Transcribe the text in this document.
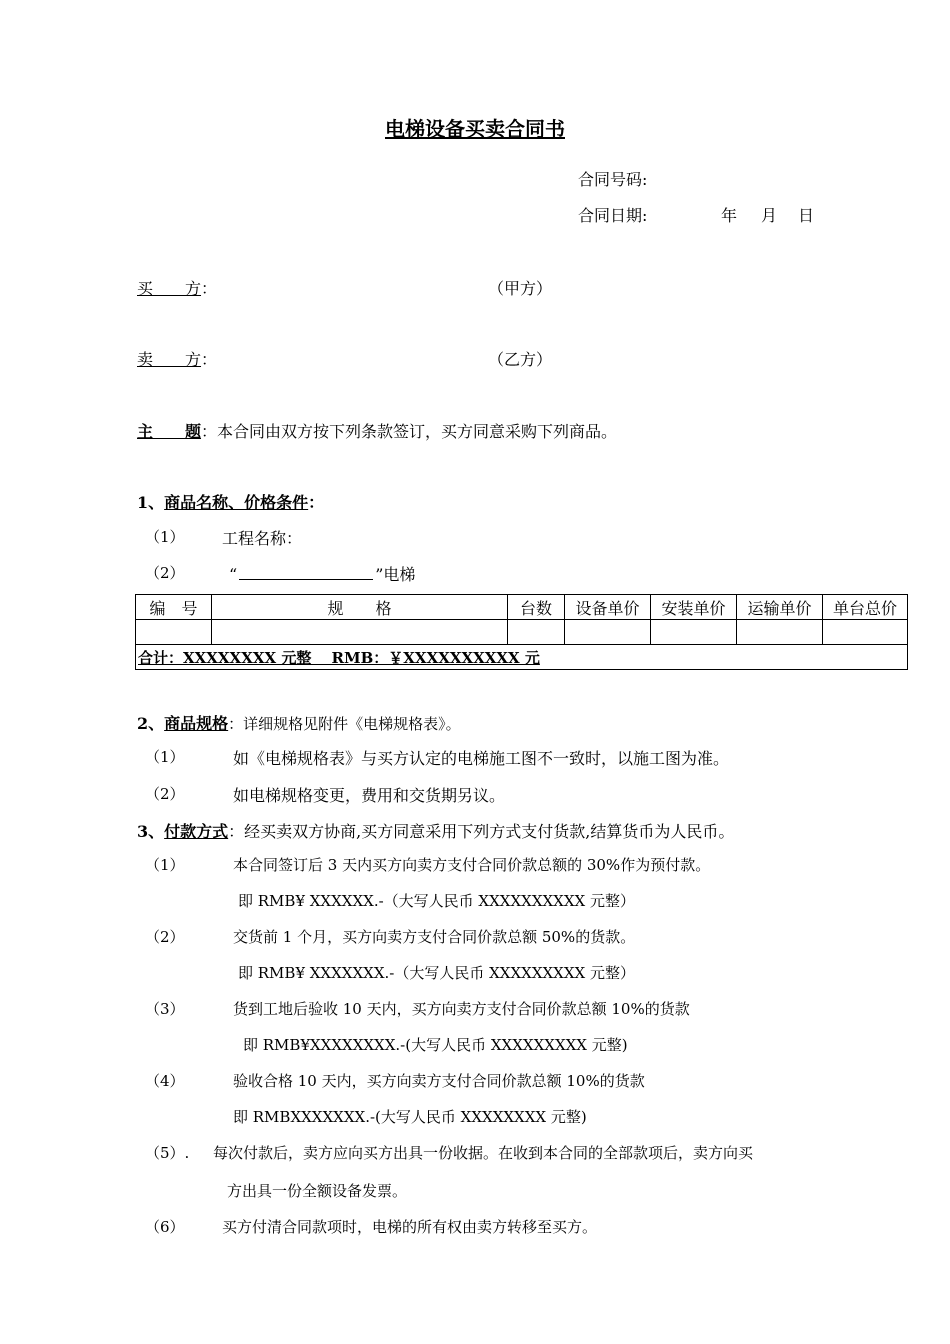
电梯设备买卖合同书
合同号码:
合同日期:	年 月 日
买　　方：	（甲方）
卖　　方：	（乙方）
主　　题：本合同由双方按下列条款签订，买方同意采购下列商品。
1、商品名称、价格条件：
（1） 工程名称：
（2）	“	”电梯
编　号	规　　格	台数	设备单价	安装单价	运输单价	单台总价

合计：XXXXXXXX 元整　 RMB：￥XXXXXXXXXX 元						
2、商品规格：详细规格见附件《电梯规格表》。
（1）	如《电梯规格表》与买方认定的电梯施工图不一致时，以施工图为准。
（2）	如电梯规格变更，费用和交货期另议。
3、付款方式：经买卖双方协商,买方同意采用下列方式支付货款,结算货币为人民币。
（1）	本合同签订后 3 天内买方向卖方支付合同价款总额的 30%作为预付款。
即 RMB¥ XXXXXX.-（大写人民币 XXXXXXXXXX 元整）
（2）	交货前 1 个月，买方向卖方支付合同价款总额 50%的货款。
即 RMB¥ XXXXXXX.-（大写人民币 XXXXXXXXX 元整）
（3）	货到工地后验收 10 天内，买方向卖方支付合同价款总额 10%的货款
即 RMB¥XXXXXXXX.-(大写人民币 XXXXXXXXX 元整)
（4）	验收合格 10 天内，买方向卖方支付合同价款总额 10%的货款
即 RMBXXXXXXX.-(大写人民币 XXXXXXXX 元整)
（5）. 每次付款后，卖方应向买方出具一份收据。在收到本合同的全部款项后，卖方向买
方出具一份全额设备发票。
（6） 买方付清合同款项时，电梯的所有权由卖方转移至买方。
